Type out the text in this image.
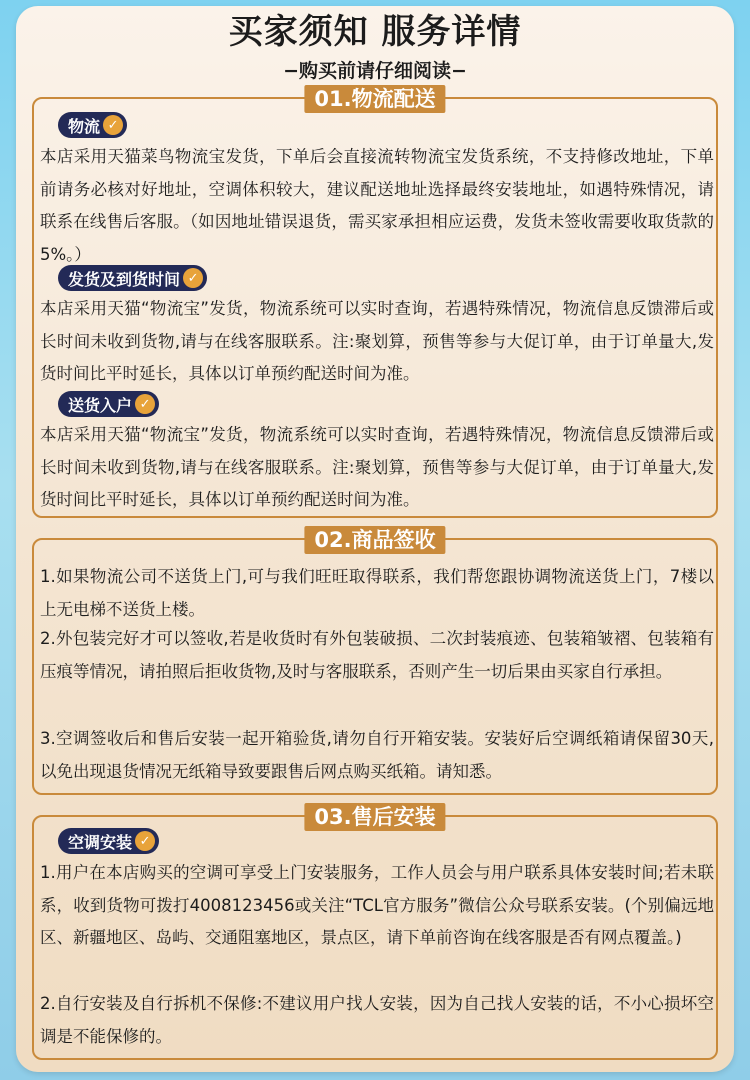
买家须知 服务详情
−购买前请仔细阅读−
01.物流配送
物流 ✓

本店采用天猫菜鸟物流宝发货，下单后会直接流转物流宝发货系统，不支持修改地址，下单前请务必核对好地址，空调体积较大，建议配送地址选择最终安装地址，如遇特殊情况，请联系在线售后客服。（如因地址错误退货，需买家承担相应运费，发货未签收需要收取货款的5%。）

发货及到货时间 ✓

本店采用天猫“物流宝”发货，物流系统可以实时查询，若遇特殊情况，物流信息反馈滞后或长时间未收到货物,请与在线客服联系。注:聚划算，预售等参与大促订单，由于订单量大,发货时间比平时延长，具体以订单预约配送时间为准。

送货入户 ✓

本店采用天猫“物流宝”发货，物流系统可以实时查询，若遇特殊情况，物流信息反馈滞后或长时间未收到货物,请与在线客服联系。注:聚划算，预售等参与大促订单，由于订单量大,发货时间比平时延长，具体以订单预约配送时间为准。

02.商品签收

1.如果物流公司不送货上门,可与我们旺旺取得联系，我们帮您跟协调物流送货上门，7楼以上无电梯不送货上楼。

2.外包装完好才可以签收,若是收货时有外包装破损、二次封装痕迹、包装箱皱褶、包装箱有压痕等情况，请拍照后拒收货物,及时与客服联系，否则产生一切后果由买家自行承担。

3.空调签收后和售后安装一起开箱验货,请勿自行开箱安装。安装好后空调纸箱请保留30天,以免出现退货情况无纸箱导致要跟售后网点购买纸箱。请知悉。

03.售后安装
空调安装 ✓

1.用户在本店购买的空调可享受上门安装服务，工作人员会与用户联系具体安装时间;若未联系，收到货物可拨打4008123456或关注“TCL官方服务”微信公众号联系安装。(个别偏远地区、新疆地区、岛屿、交通阻塞地区，景点区，请下单前咨询在线客服是否有网点覆盖。)

2.自行安装及自行拆机不保修:不建议用户找人安装，因为自己找人安装的话，不小心损坏空调是不能保修的。
